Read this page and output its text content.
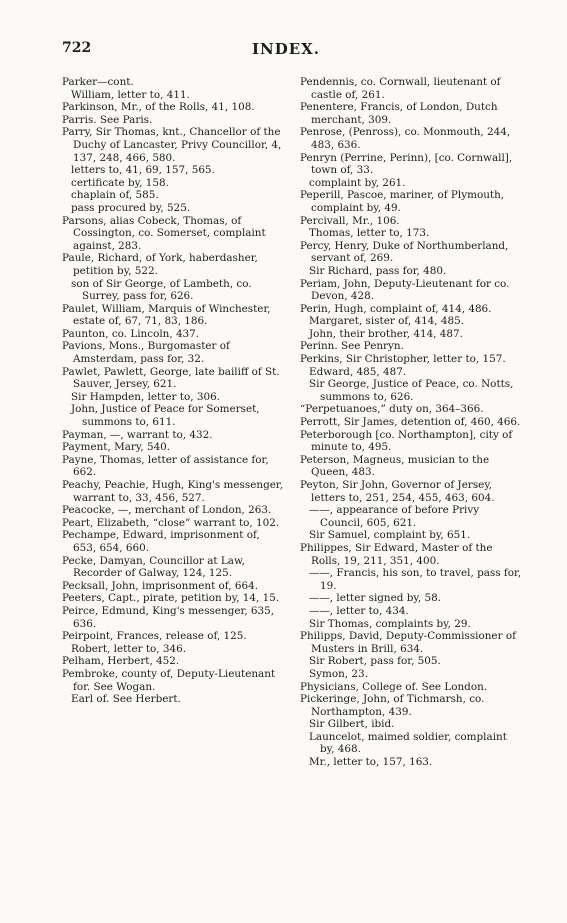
722	INDEX.
Parker—cont.
William, letter to, 411.
Parkinson, Mr., of the Rolls, 41, 108.
Parris. See Paris.
Parry, Sir Thomas, knt., Chancellor of the Duchy of Lancaster, Privy Councillor, 4, 137, 248, 466, 580.
letters to, 41, 69, 157, 565.
certificate by, 158.
chaplain of, 585.
pass procured by, 525.
Parsons, alias Cobeck, Thomas, of Cossington, co. Somerset, complaint against, 283.
Paule, Richard, of York, haberdasher, petition by, 522.
son of Sir George, of Lambeth, co. Surrey, pass for, 626.
Paulet, William, Marquis of Winchester, estate of, 67, 71, 83, 186.
Paunton, co. Lincoln, 437.
Pavions, Mons., Burgomaster of Amsterdam, pass for, 32.
Pawlet, Pawlett, George, late bailiff of St. Sauver, Jersey, 621.
Sir Hampden, letter to, 306.
John, Justice of Peace for Somerset, summons to, 611.
Payman, —, warrant to, 432.
Payment, Mary, 540.
Payne, Thomas, letter of assistance for, 662.
Peachy, Peachie, Hugh, King's messenger, warrant to, 33, 456, 527.
Peacocke, —, merchant of London, 263.
Peart, Elizabeth, “close” warrant to, 102.
Pechampe, Edward, imprisonment of, 653, 654, 660.
Pecke, Damyan, Councillor at Law, Recorder of Galway, 124, 125.
Pecksall, John, imprisonment of, 664.
Peeters, Capt., pirate, petition by, 14, 15.
Peirce, Edmund, King's messenger, 635, 636.
Peirpoint, Frances, release of, 125.
Robert, letter to, 346.
Pelham, Herbert, 452.
Pembroke, county of, Deputy-Lieutenant for. See Wogan.
Earl of. See Herbert.
Pendennis, co. Cornwall, lieutenant of castle of, 261.
Penentere, Francis, of London, Dutch merchant, 309.
Penrose, (Penross), co. Monmouth, 244, 483, 636.
Penryn (Perrine, Perinn), [co. Cornwall], town of, 33.
complaint by, 261.
Peperill, Pascoe, mariner, of Plymouth, complaint by, 49.
Percivall, Mr., 106.
Thomas, letter to, 173.
Percy, Henry, Duke of Northumberland, servant of, 269.
Sir Richard, pass for, 480.
Periam, John, Deputy-Lieutenant for co. Devon, 428.
Perin, Hugh, complaint of, 414, 486.
Margaret, sister of, 414, 485.
John, their brother, 414, 487.
Perinn. See Penryn.
Perkins, Sir Christopher, letter to, 157.
Edward, 485, 487.
Sir George, Justice of Peace, co. Notts, summons to, 626.
“Perpetuanoes,” duty on, 364–366.
Perrott, Sir James, detention of, 460, 466.
Peterborough [co. Northampton], city of minute to, 495.
Peterson, Magneus, musician to the Queen, 483.
Peyton, Sir John, Governor of Jersey, letters to, 251, 254, 455, 463, 604.
——, appearance of before Privy Council, 605, 621.
Sir Samuel, complaint by, 651.
Philippes, Sir Edward, Master of the Rolls, 19, 211, 351, 400.
——, Francis, his son, to travel, pass for, 19.
——, letter signed by, 58.
——, letter to, 434.
Sir Thomas, complaints by, 29.
Philipps, David, Deputy-Commissioner of Musters in Brill, 634.
Sir Robert, pass for, 505.
Symon, 23.
Physicians, College of. See London.
Pickeringe, John, of Tichmarsh, co. Northampton, 439.
Sir Gilbert, ibid.
Launcelot, maimed soldier, complaint by, 468.
Mr., letter to, 157, 163.
